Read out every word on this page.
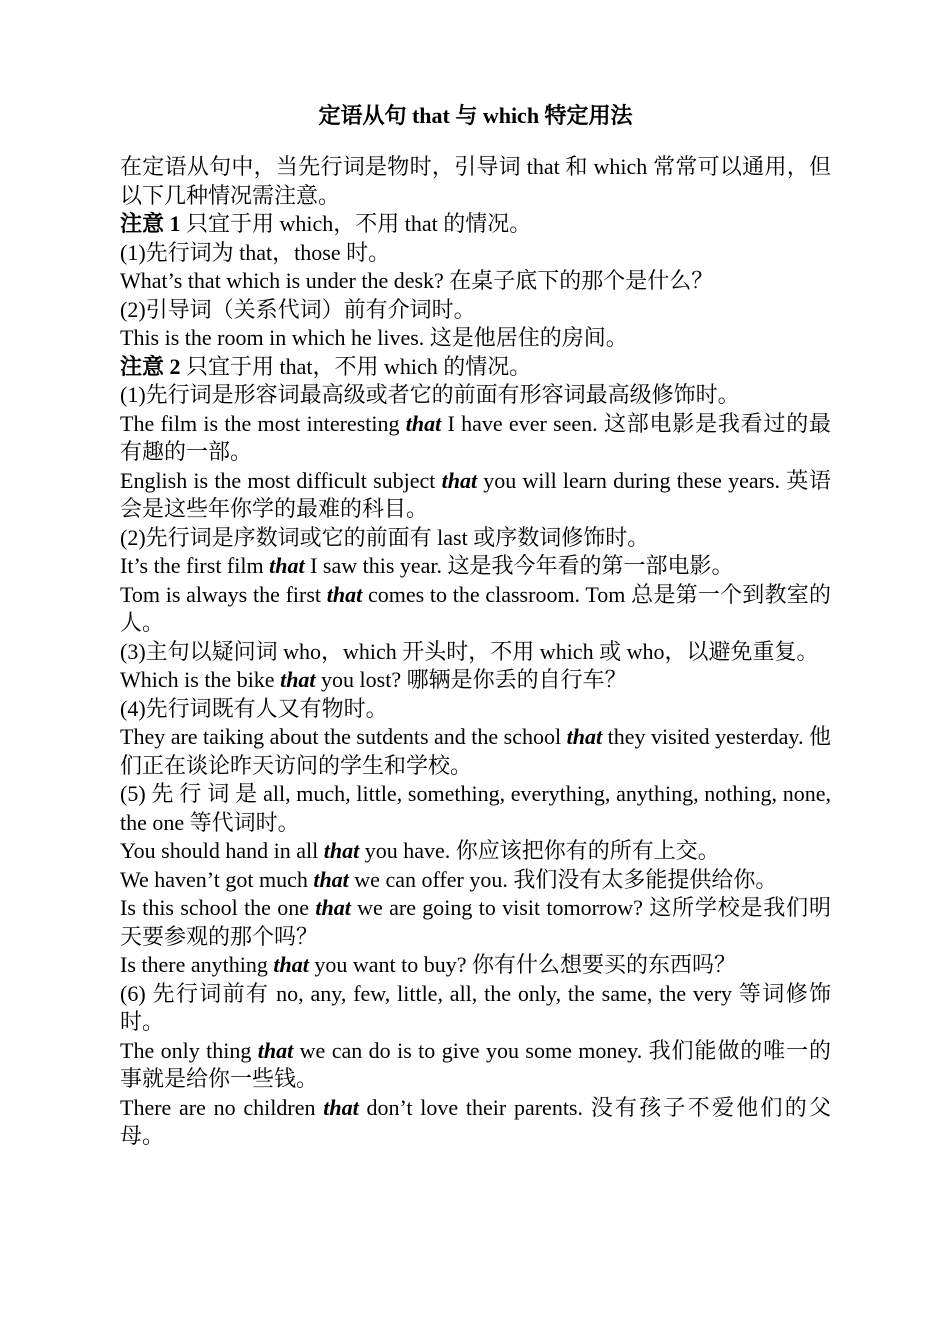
定语从句 that 与 which 特定用法

在定语从句中，当先行词是物时，引导词 that 和 which 常常可以通用，但以下几种情况需注意。

注意 1 只宜于用 which，不用 that 的情况。

(1)先行词为 that，those 时。

What’s that which is under the desk? 在桌子底下的那个是什么？

(2)引导词（关系代词）前有介词时。

This is the room in which he lives. 这是他居住的房间。

注意 2 只宜于用 that，不用 which 的情况。

(1)先行词是形容词最高级或者它的前面有形容词最高级修饰时。

The film is the most interesting that I have ever seen. 这部电影是我看过的最有趣的一部。

English is the most difficult subject that you will learn during these years. 英语会是这些年你学的最难的科目。

(2)先行词是序数词或它的前面有 last 或序数词修饰时。

It’s the first film that I saw this year. 这是我今年看的第一部电影。

Tom is always the first that comes to the classroom. Tom 总是第一个到教室的人。

(3)主句以疑问词 who，which 开头时，不用 which 或 who，以避免重复。

Which is the bike that you lost? 哪辆是你丢的自行车？

(4)先行词既有人又有物时。

They are taiking about the sutdents and the school that they visited yesterday. 他们正在谈论昨天访问的学生和学校。

(5) 先 行 词 是 all, much, little, something, everything, anything, nothing, none, the one 等代词时。

You should hand in all that you have. 你应该把你有的所有上交。

We haven’t got much that we can offer you. 我们没有太多能提供给你。

Is this school the one that we are going to visit tomorrow? 这所学校是我们明天要参观的那个吗？

Is there anything that you want to buy? 你有什么想要买的东西吗？

(6) 先行词前有 no, any, few, little, all, the only, the same, the very 等词修饰时。

The only thing that we can do is to give you some money. 我们能做的唯一的事就是给你一些钱。

There are no children that don’t love their parents. 没有孩子不爱他们的父母。
